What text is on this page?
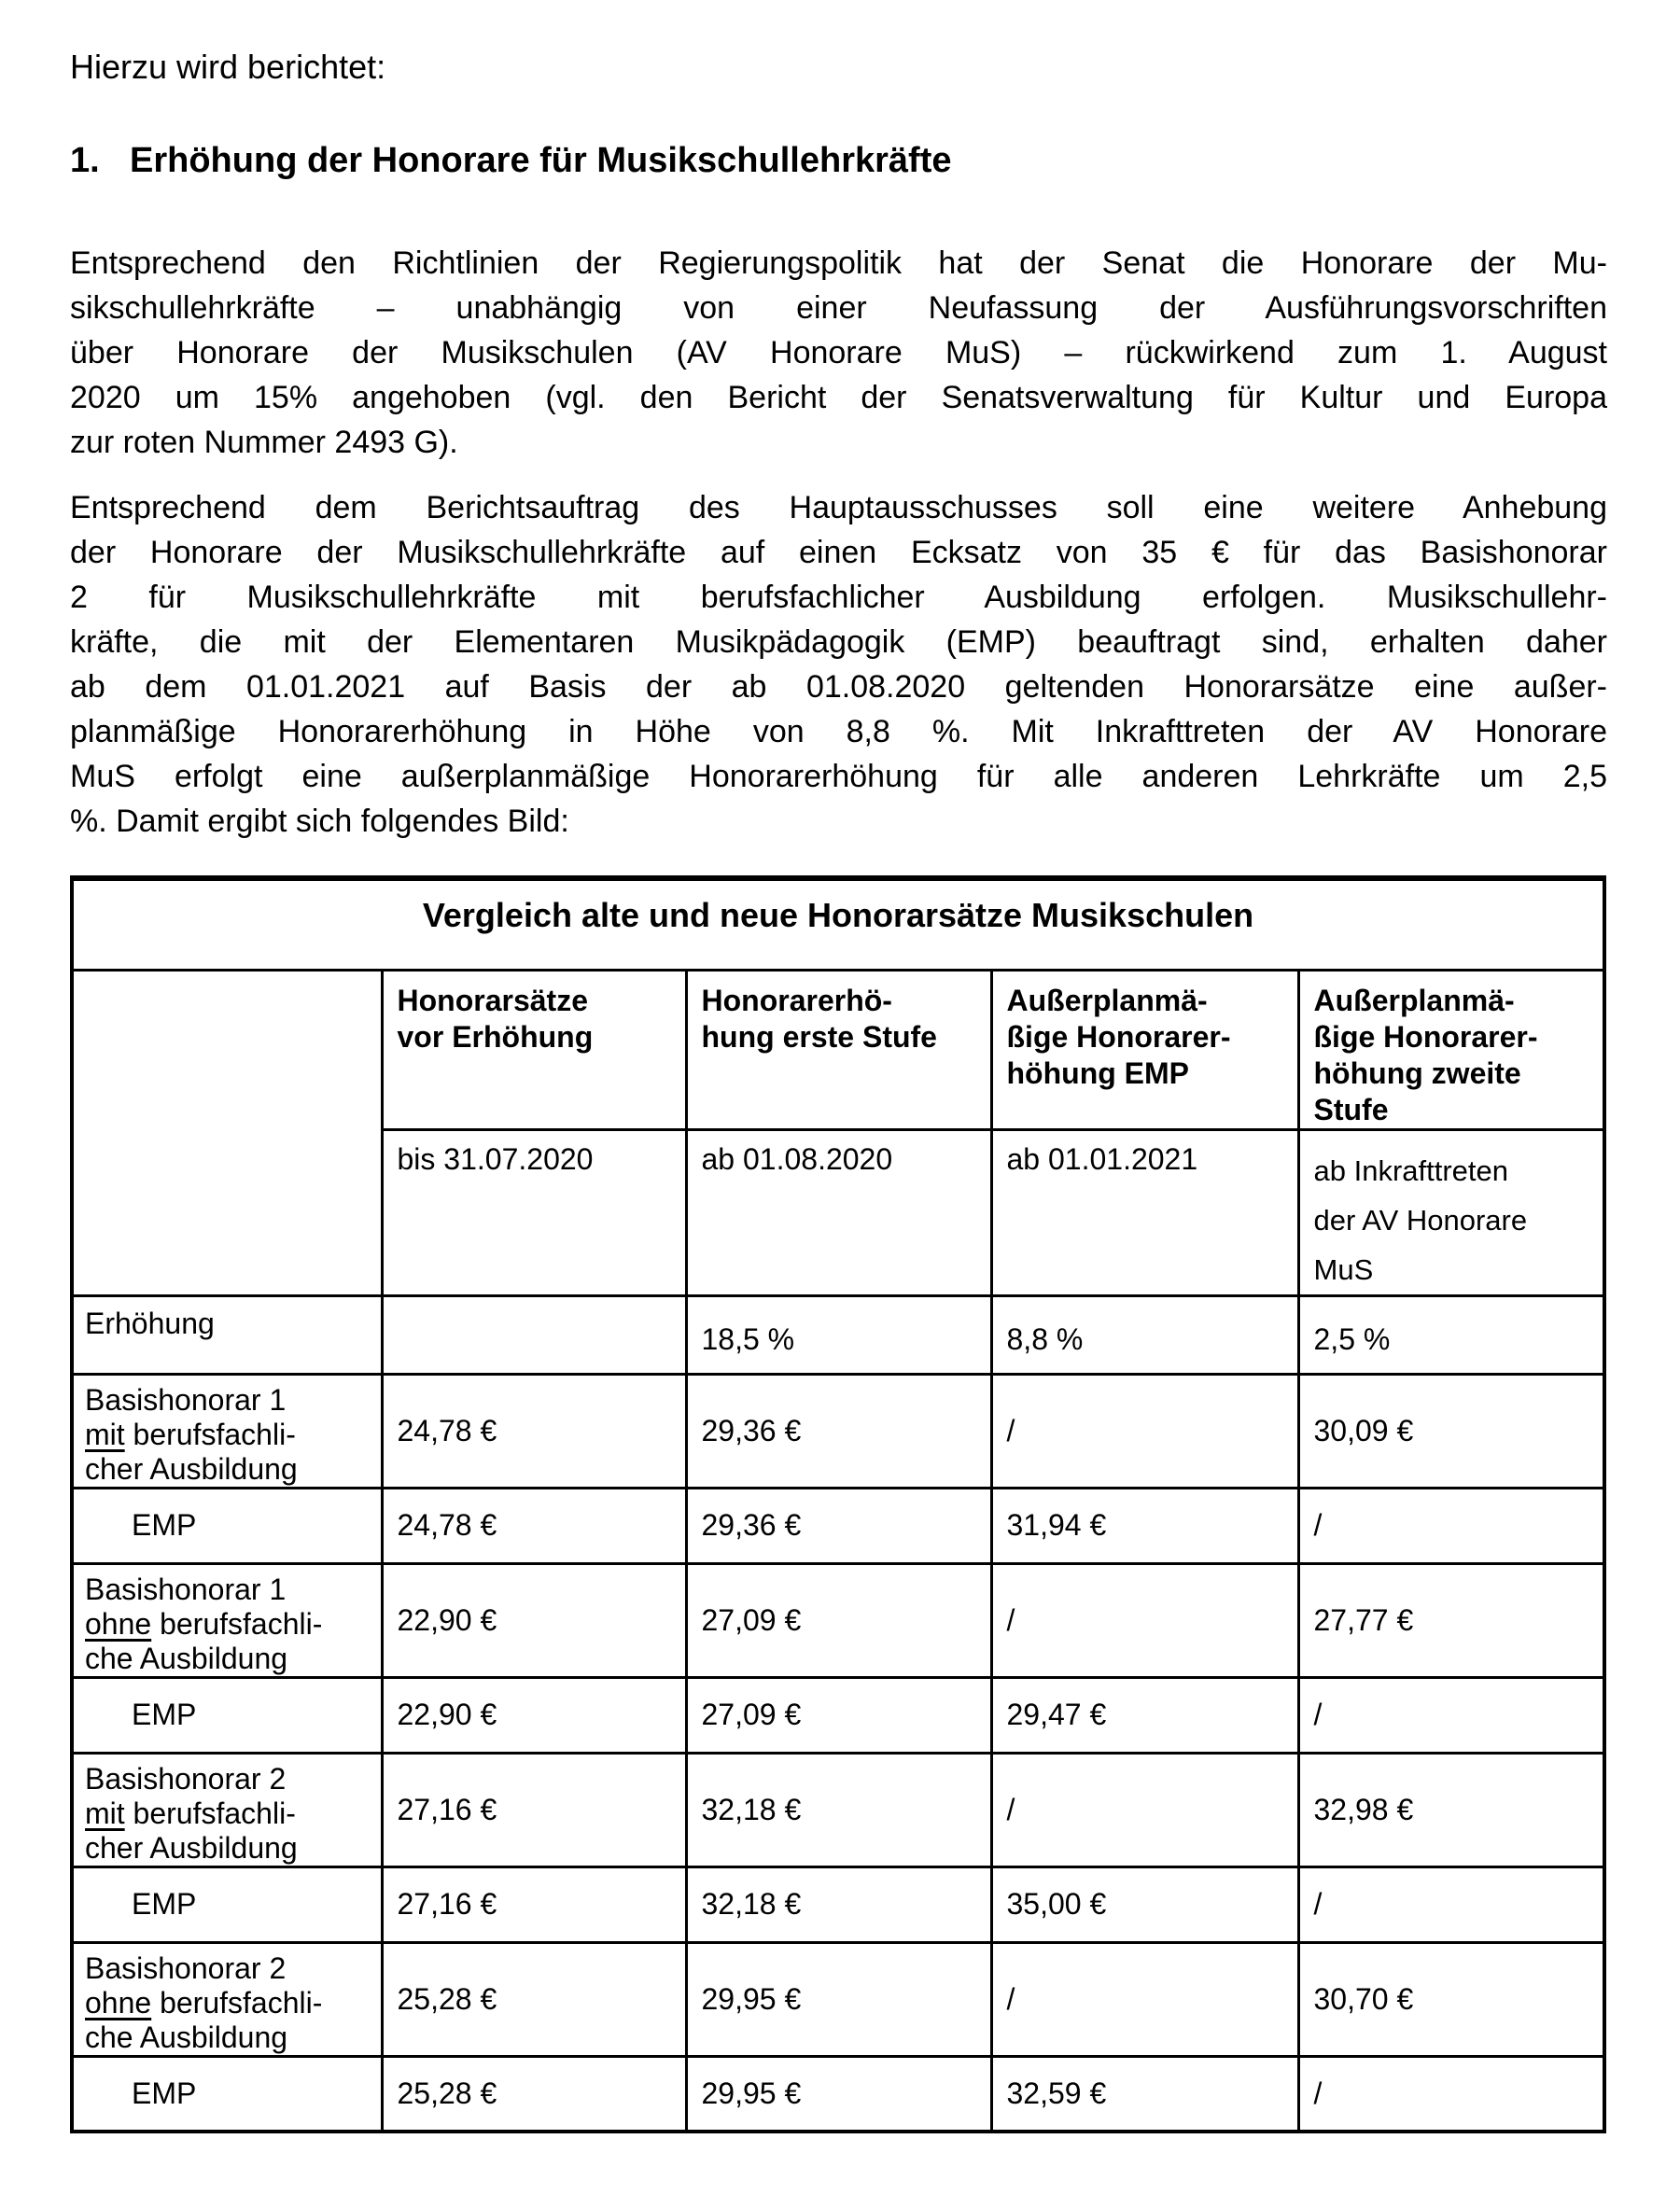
Hierzu wird berichtet:
1. Erhöhung der Honorare für Musikschullehrkräfte
Entsprechend den Richtlinien der Regierungspolitik hat der Senat die Honorare der Mu-
sikschullehrkräfte – unabhängig von einer Neufassung der Ausführungsvorschriften
über Honorare der Musikschulen (AV Honorare MuS) – rückwirkend zum 1. August
2020 um 15% angehoben (vgl. den Bericht der Senatsverwaltung für Kultur und Europa
zur roten Nummer 2493 G).
Entsprechend dem Berichtsauftrag des Hauptausschusses soll eine weitere Anhebung
der Honorare der Musikschullehrkräfte auf einen Ecksatz von 35 € für das Basishonorar
2 für Musikschullehrkräfte mit berufsfachlicher Ausbildung erfolgen. Musikschullehr-
kräfte, die mit der Elementaren Musikpädagogik (EMP) beauftragt sind, erhalten daher
ab dem 01.01.2021 auf Basis der ab 01.08.2020 geltenden Honorarsätze eine außer-
planmäßige Honorarerhöhung in Höhe von 8,8 %. Mit Inkrafttreten der AV Honorare
MuS erfolgt eine außerplanmäßige Honorarerhöhung für alle anderen Lehrkräfte um 2,5
%. Damit ergibt sich folgendes Bild:
Vergleich alte und neue Honorarsätze Musikschulen				
	Honorarsätze
vor Erhöhung	Honorarerhö-
hung erste Stufe	Außerplanmä-
ßige Honorarer-
höhung EMP	Außerplanmä-
ßige Honorarer-
höhung zweite
Stufe
	bis 31.07.2020	ab 01.08.2020	ab 01.01.2021	ab Inkrafttreten
der AV Honorare
MuS
Erhöhung		18,5 %	8,8 %	2,5 %
Basishonorar 1
mit berufsfachli-
cher Ausbildung	24,78 €	29,36 €	/	30,09 €
EMP	24,78 €	29,36 €	31,94 €	/
Basishonorar 1
ohne berufsfachli-
che Ausbildung	22,90 €	27,09 €	/	27,77 €
EMP	22,90 €	27,09 €	29,47 €	/
Basishonorar 2
mit berufsfachli-
cher Ausbildung	27,16 €	32,18 €	/	32,98 €
EMP	27,16 €	32,18 €	35,00 €	/
Basishonorar 2
ohne berufsfachli-
che Ausbildung	25,28 €	29,95 €	/	30,70 €
EMP	25,28 €	29,95 €	32,59 €	/
